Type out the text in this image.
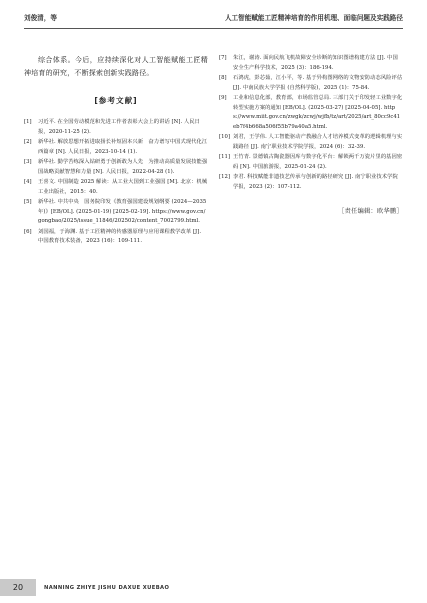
刘俊清，等	人工智能赋能工匠精神培育的作用机理、面临问题及实践路径

综合体系。今后，应持续深化对人工智能赋能工匠精神培育的研究，不断探索创新实践路径。

[参考文献]
[1]	习近平. 在全国劳动模范和先进工作者表彰大会上的讲话 [N]. 人民日报，2020-11-25 (2).
[2]	新华社. 解放思想开拓进取扬长补短固本兴新　奋力谱写中国式现代化江西篇章 [N]. 人民日报，2023-10-14 (1).
[3]	新华社. 勤学苦练深入钻研勇于创新敢为人先　为推动高质量发展技能强国战略贡献智慧和力量 [N]. 人民日报，2022-04-28 (1).
[4]	王喜文. 中国制造 2025 解读：从工业大国到工业强国 [M]. 北京：机械工业出版社，2015：40.
[5]	新华社. 中共中央　国务院印发《教育强国建设规划纲要 (2024—2035 年)》[EB/OL]. (2025-01-19) [2025-02-19]. https://www.gov.cn/gongbao/2025/issue_11846/202502/content_7002799.html.
[6]	刘国福，于海渊. 基于工匠精神的传感器原理与应用课程教学改革 [J]. 中国教育技术装备，2023 (16)：109-111.
[7]	朱江，谢涛. 面向民航飞机故障安全诊断的知识图谱构建方法 [J]. 中国安全生产科学技术，2025 (3)：186-194.
[8]	石鸿虎，彭芯茹，江小平，等. 基于异构图网络的文物安防动态风险评估 [J]. 中南民族大学学报 (自然科学版)，2025 (1)：75-84.
[9]	工业和信息化部，教育部，市场监管总局. 三部门关于印发轻工业数字化转型实施方案的通知 [EB/OL]. (2025-03-27) [2025-04-05]. https://www.miit.gov.cn/zwgk/zcwj/wjfb/tz/art/2025/art_80cc9c41eb7f4b668a506f55b79a40a5.html.
[10] 刘君，王学伟. 人工智能驱动产教融合人才培养模式变革的逻辑机理与实践路径 [J]. 南宁职业技术学院学报，2024 (6)：32-39.
[11] 王竹青. 景德镇古陶瓷器因库与数字化平台：解锁两千万瓷片里的基因密码 [N]. 中国旅游报，2025-01-24 (2).
[12] 李君. 科技赋能非遗技艺传承与创新的路径研究 [J]. 南宁职业技术学院学报，2023 (2)：107-112.
［责任编辑：欧华鹏］
20	NANNING ZHIYE JISHU DAXUE XUEBAO
